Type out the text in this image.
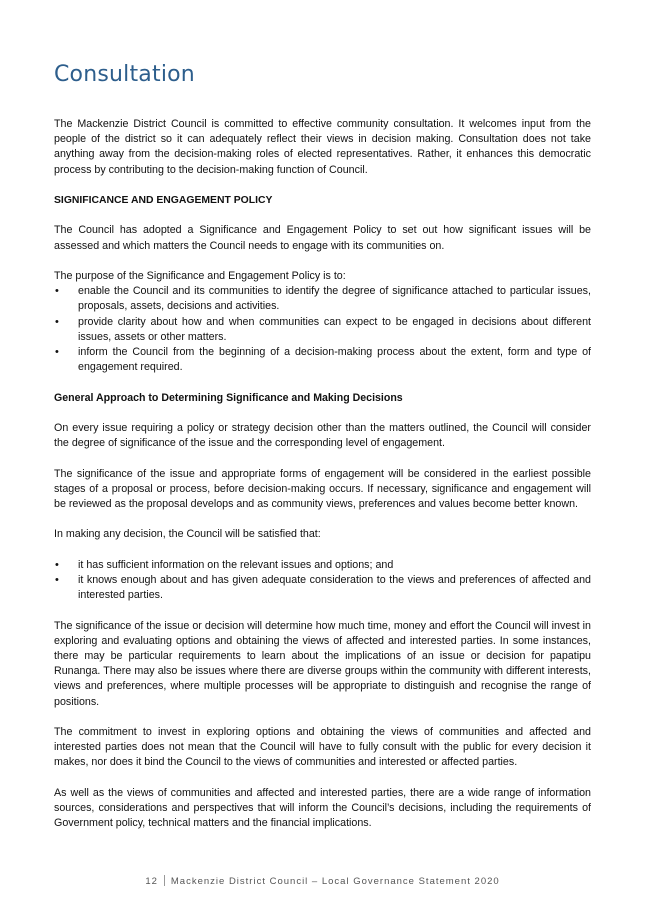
Consultation

The Mackenzie District Council is committed to effective community consultation. It welcomes input from the people of the district so it can adequately reflect their views in decision making. Consultation does not take anything away from the decision-making roles of elected representatives. Rather, it enhances this democratic process by contributing to the decision-making function of Council.

SIGNIFICANCE AND ENGAGEMENT POLICY

The Council has adopted a Significance and Engagement Policy to set out how significant issues will be assessed and which matters the Council needs to engage with its communities on.

The purpose of the Significance and Engagement Policy is to:

• enable the Council and its communities to identify the degree of significance attached to particular issues, proposals, assets, decisions and activities.
• provide clarity about how and when communities can expect to be engaged in decisions about different issues, assets or other matters.
• inform the Council from the beginning of a decision-making process about the extent, form and type of engagement required.
General Approach to Determining Significance and Making Decisions

On every issue requiring a policy or strategy decision other than the matters outlined, the Council will consider the degree of significance of the issue and the corresponding level of engagement.

The significance of the issue and appropriate forms of engagement will be considered in the earliest possible stages of a proposal or process, before decision-making occurs. If necessary, significance and engagement will be reviewed as the proposal develops and as community views, preferences and values become better known.

In making any decision, the Council will be satisfied that:

• it has sufficient information on the relevant issues and options; and
• it knows enough about and has given adequate consideration to the views and preferences of affected and interested parties.

The significance of the issue or decision will determine how much time, money and effort the Council will invest in exploring and evaluating options and obtaining the views of affected and interested parties. In some instances, there may be particular requirements to learn about the implications of an issue or decision for papatipu Runanga. There may also be issues where there are diverse groups within the community with different interests, views and preferences, where multiple processes will be appropriate to distinguish and recognise the range of positions.

The commitment to invest in exploring options and obtaining the views of communities and affected and interested parties does not mean that the Council will have to fully consult with the public for every decision it makes, nor does it bind the Council to the views of communities and interested or affected parties.

As well as the views of communities and affected and interested parties, there are a wide range of information sources, considerations and perspectives that will inform the Council’s decisions, including the requirements of Government policy, technical matters and the financial implications.

12 Mackenzie District Council – Local Governance Statement 2020
